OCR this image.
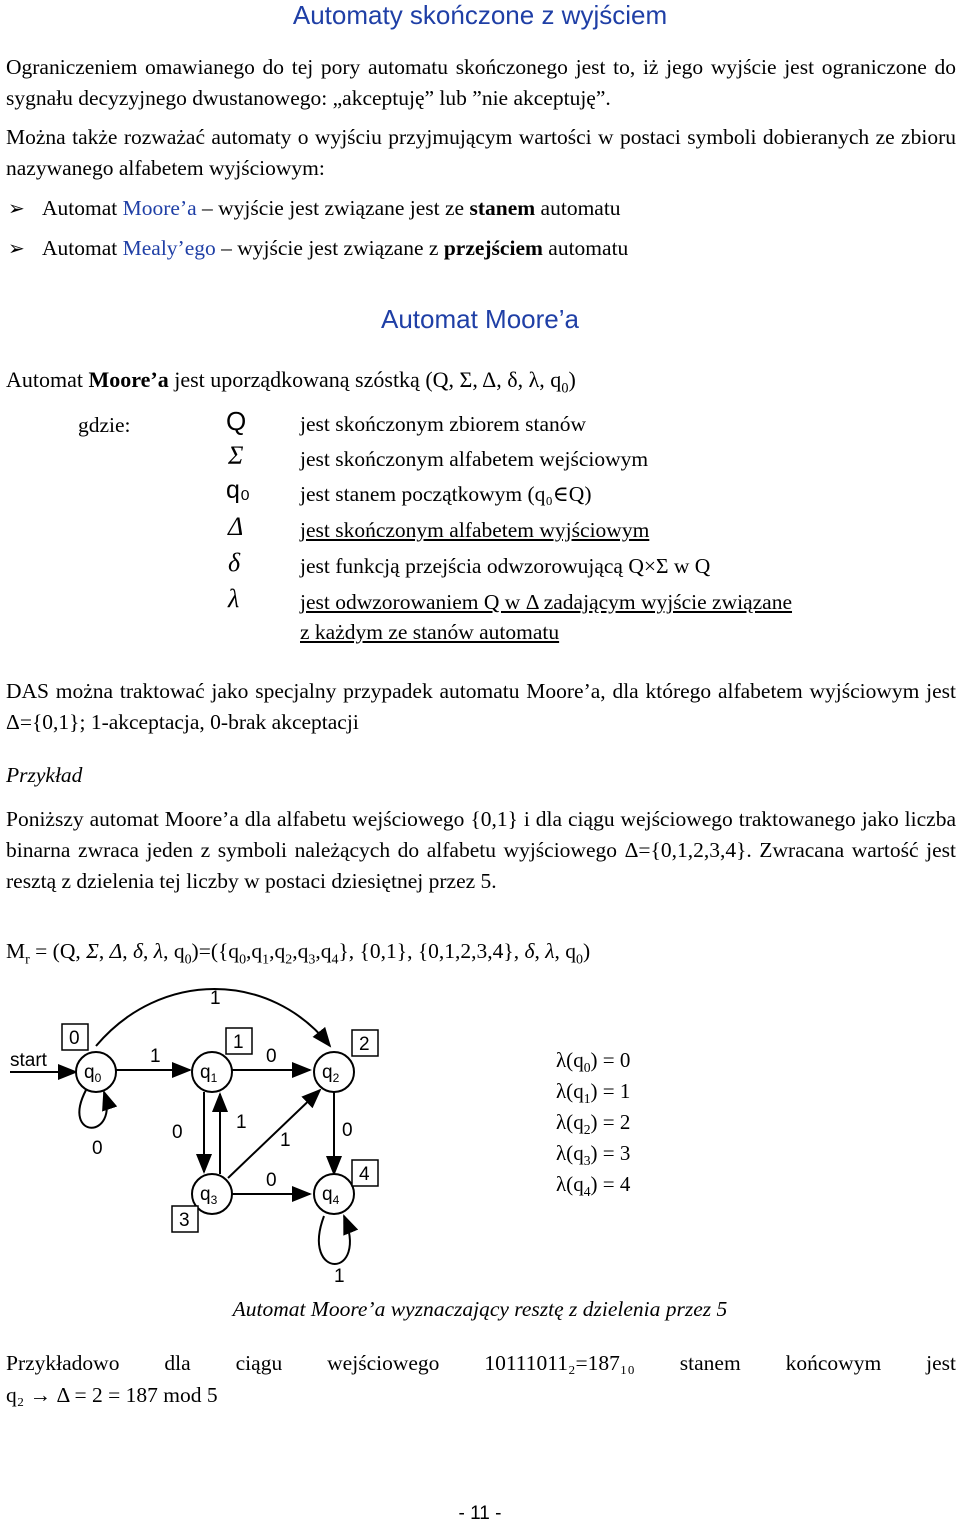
Automaty skończone z wyjściem
Ograniczeniem omawianego do tej pory automatu skończonego jest to, iż jego wyjście jest ograniczone do sygnału decyzyjnego dwustanowego: „akceptuję” lub ”nie akceptuję”.
Można także rozważać automaty o wyjściu przyjmującym wartości w postaci symboli dobieranych ze zbioru nazywanego alfabetem wyjściowym:
➢ Automat Moore’a – wyjście jest związane jest ze stanem automatu
➢ Automat Mealy’ego – wyjście jest związane z przejściem automatu
Automat Moore’a
Automat Moore’a jest uporządkowaną szóstką (Q, Σ, Δ, δ, λ, $q_0$)
gdzie:	Q	jest skończonym zbiorem stanów
Σ	jest skończonym alfabetem wejściowym
q₀ jest stanem początkowym (q₀∈Q)
Δ	jest skończonym alfabetem wyjściowym
δ	jest funkcją przejścia odwzorowującą Q×Σ w Q
λ	jest odwzorowaniem Q w Δ zadającym wyjście związane
z każdym ze stanów automatu
DAS można traktować jako specjalny przypadek automatu Moore’a, dla którego alfabetem wyjściowym jest Δ={0,1}; 1-akceptacja, 0-brak akceptacji
Przykład
Poniższy automat Moore’a dla alfabetu wejściowego {0,1} i dla ciągu wejściowego traktowanego jako liczba binarna zwraca jeden z symboli należących do alfabetu wyjściowego Δ={0,1,2,3,4}. Zwracana wartość jest resztą z dzielenia tej liczby w postaci dziesiętnej przez 5.
$M_r = (Q$, Σ, Δ, δ, λ, $q_0)=(\{q_0,q_1,q_2,q_3,q_4\}$, {0,1}, {0,1,2,3,4}, δ, λ, $q_0$)
start
1
1
0
0
0	1
1	0
0
1
$q_0$
0
$q_1$
1
$q_2$
2
$q_3$
3
$q_4$
4
$\lambda(q_0) = 0$
$\lambda(q_1) = 1$
$\lambda(q_2) = 2$
$\lambda(q_3) = 3$
$\lambda(q_4) = 4$
Automat Moore’a wyznaczający resztę z dzielenia przez 5
Przykładowo dla ciągu wejściowego 10111011₂=187₁₀ stanem końcowym jest
q₂ → Δ = 2 = 187 mod 5
- 11 -
